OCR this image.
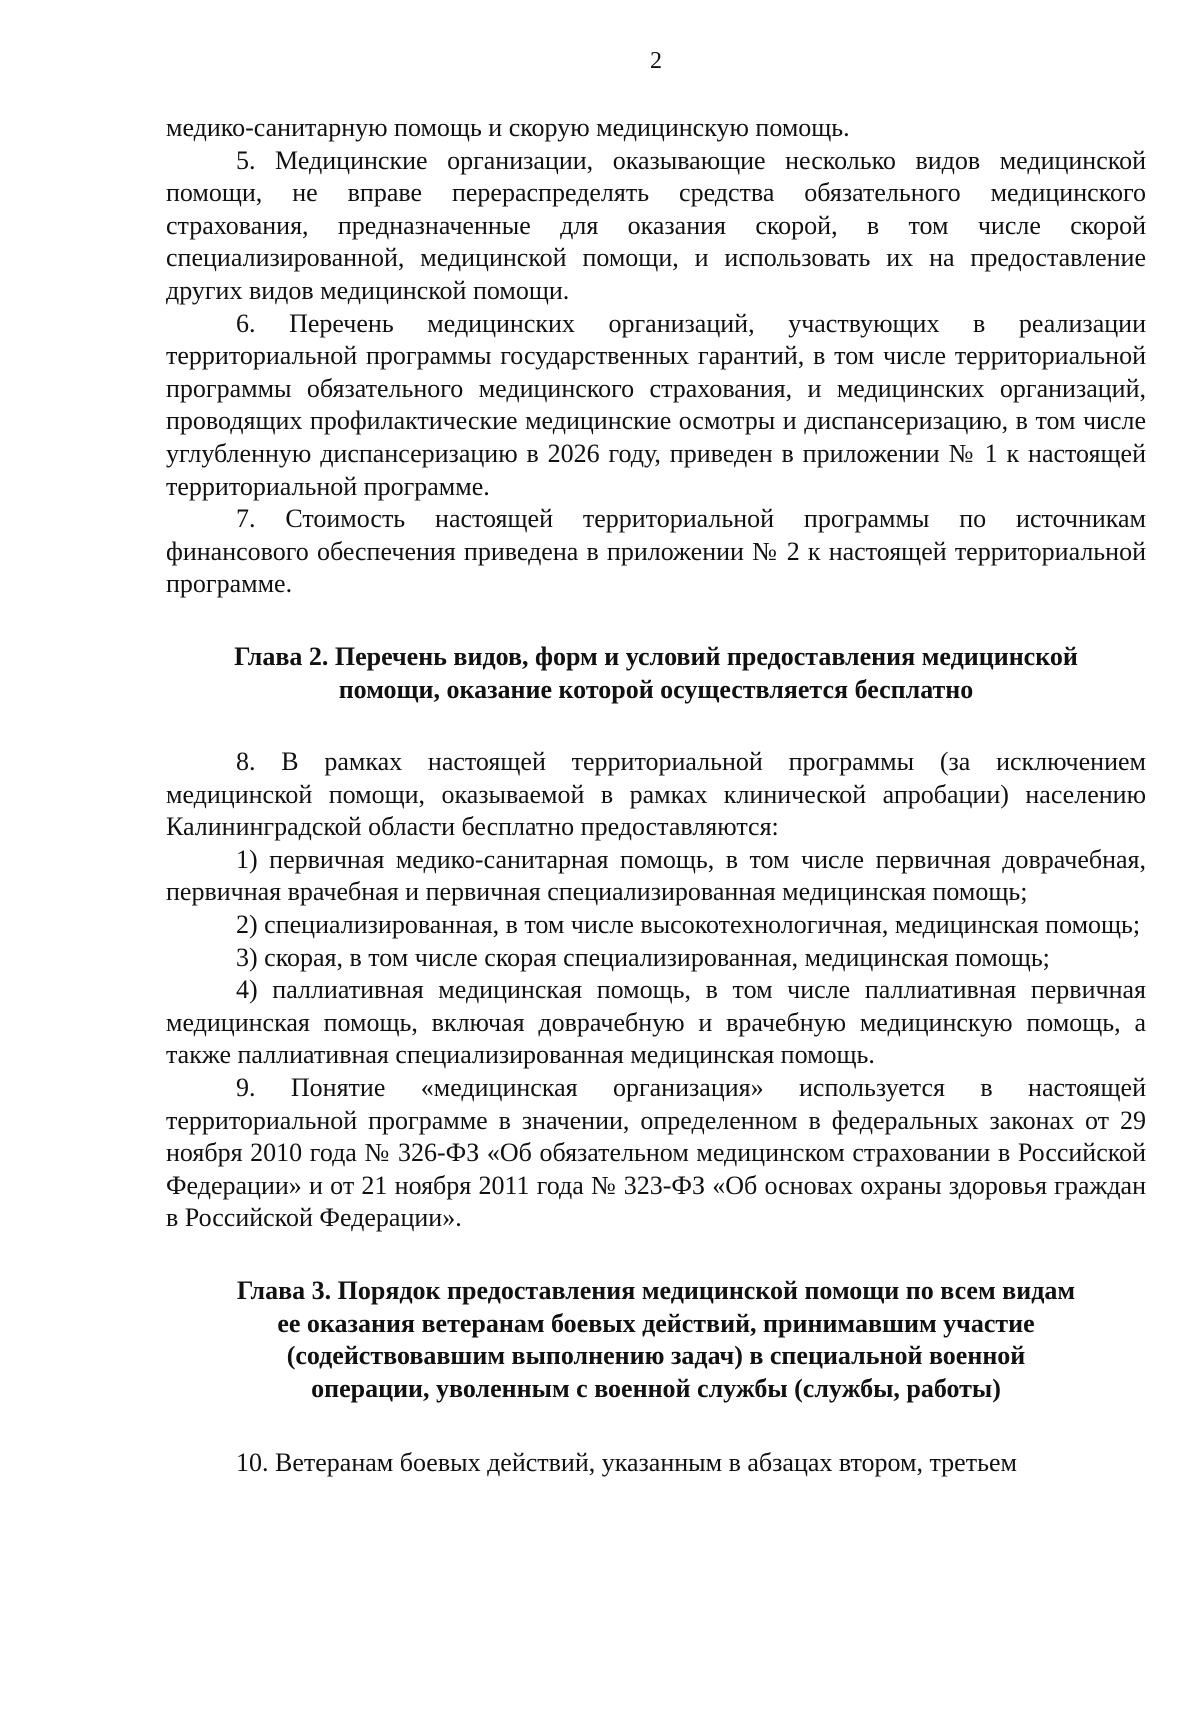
2

медико-санитарную помощь и скорую медицинскую помощь.

5. Медицинские организации, оказывающие несколько видов медицинской помощи, не вправе перераспределять средства обязательного медицинского страхования, предназначенные для оказания скорой, в том числе скорой специализированной, медицинской помощи, и использовать их на предоставление других видов медицинской помощи.

6. Перечень медицинских организаций, участвующих в реализации территориальной программы государственных гарантий, в том числе территориальной программы обязательного медицинского страхования, и медицинских организаций, проводящих профилактические медицинские осмотры и диспансеризацию, в том числе углубленную диспансеризацию в 2026 году, приведен в приложении № 1 к настоящей территориальной программе.

7. Стоимость настоящей территориальной программы по источникам финансового обеспечения приведена в приложении № 2 к настоящей территориальной программе.

Глава 2. Перечень видов, форм и условий предоставления медицинской
помощи, оказание которой осуществляется бесплатно

8. В рамках настоящей территориальной программы (за исключением медицинской помощи, оказываемой в рамках клинической апробации) населению Калининградской области бесплатно предоставляются:

1) первичная медико-санитарная помощь, в том числе первичная доврачебная, первичная врачебная и первичная специализированная медицинская помощь;

2) специализированная, в том числе высокотехнологичная, медицинская помощь;

3) скорая, в том числе скорая специализированная, медицинская помощь;

4) паллиативная медицинская помощь, в том числе паллиативная первичная медицинская помощь, включая доврачебную и врачебную медицинскую помощь, а также паллиативная специализированная медицинская помощь.

9. Понятие «медицинская организация» используется в настоящей территориальной программе в значении, определенном в федеральных законах от 29 ноября 2010 года № 326-ФЗ «Об обязательном медицинском страховании в Российской Федерации» и от 21 ноября 2011 года № 323-ФЗ «Об основах охраны здоровья граждан в Российской Федерации».

Глава 3. Порядок предоставления медицинской помощи по всем видам
ее оказания ветеранам боевых действий, принимавшим участие
(содействовавшим выполнению задач) в специальной военной
операции, уволенным с военной службы (службы, работы)

10. Ветеранам боевых действий, указанным в абзацах втором, третьем
